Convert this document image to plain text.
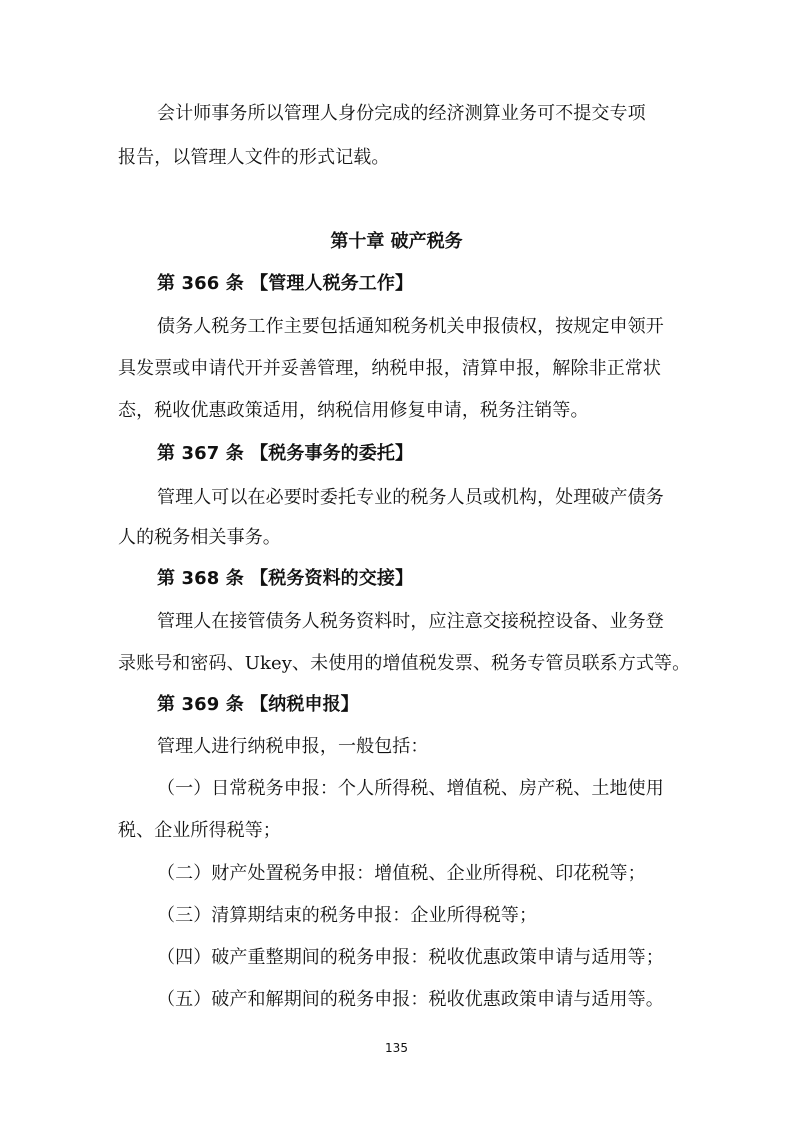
会计师事务所以管理人身份完成的经济测算业务可不提交专项
报告，以管理人文件的形式记载。
第十章 破产税务
第 366 条 【管理人税务工作】
债务人税务工作主要包括通知税务机关申报债权，按规定申领开
具发票或申请代开并妥善管理，纳税申报，清算申报，解除非正常状
态，税收优惠政策适用，纳税信用修复申请，税务注销等。
第 367 条 【税务事务的委托】
管理人可以在必要时委托专业的税务人员或机构，处理破产债务
人的税务相关事务。
第 368 条 【税务资料的交接】
管理人在接管债务人税务资料时，应注意交接税控设备、业务登
录账号和密码、Ukey、未使用的增值税发票、税务专管员联系方式等。
第 369 条 【纳税申报】
管理人进行纳税申报，一般包括：
（一）日常税务申报：个人所得税、增值税、房产税、土地使用
税、企业所得税等；
（二）财产处置税务申报：增值税、企业所得税、印花税等；
（三）清算期结束的税务申报：企业所得税等；
（四）破产重整期间的税务申报：税收优惠政策申请与适用等；
（五）破产和解期间的税务申报：税收优惠政策申请与适用等。
135
